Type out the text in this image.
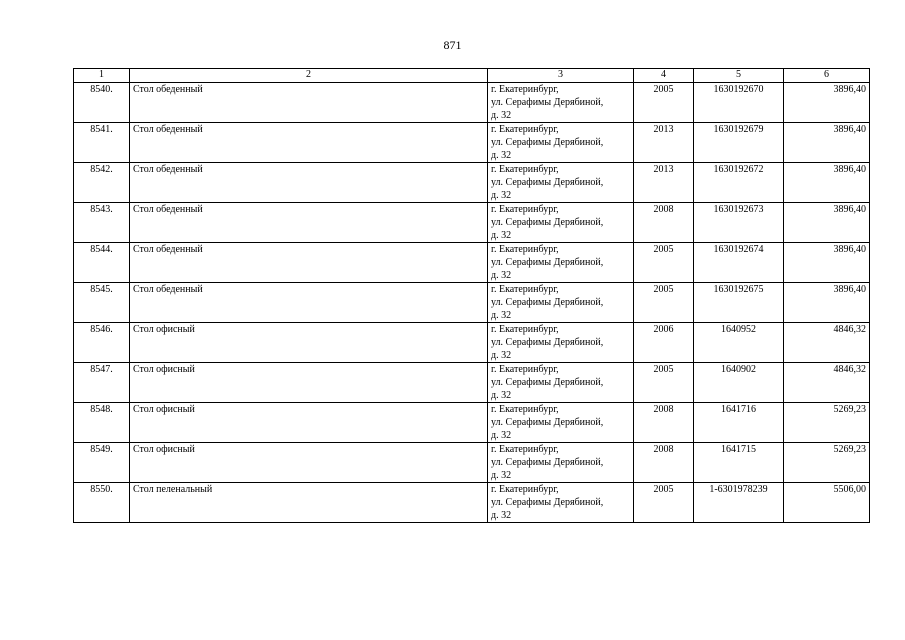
871
1	2	3	4	5	6
8540.	Стол обеденный	г. Екатеринбург,
ул. Серафимы Дерябиной,
д. 32	2005	1630192670	3896,40
8541.	Стол обеденный	г. Екатеринбург,
ул. Серафимы Дерябиной,
д. 32	2013	1630192679	3896,40
8542.	Стол обеденный	г. Екатеринбург,
ул. Серафимы Дерябиной,
д. 32	2013	1630192672	3896,40
8543.	Стол обеденный	г. Екатеринбург,
ул. Серафимы Дерябиной,
д. 32	2008	1630192673	3896,40
8544.	Стол обеденный	г. Екатеринбург,
ул. Серафимы Дерябиной,
д. 32	2005	1630192674	3896,40
8545.	Стол обеденный	г. Екатеринбург,
ул. Серафимы Дерябиной,
д. 32	2005	1630192675	3896,40
8546.	Стол офисный	г. Екатеринбург,
ул. Серафимы Дерябиной,
д. 32	2006	1640952	4846,32
8547.	Стол офисный	г. Екатеринбург,
ул. Серафимы Дерябиной,
д. 32	2005	1640902	4846,32
8548.	Стол офисный	г. Екатеринбург,
ул. Серафимы Дерябиной,
д. 32	2008	1641716	5269,23
8549.	Стол офисный	г. Екатеринбург,
ул. Серафимы Дерябиной,
д. 32	2008	1641715	5269,23
8550.	Стол пеленальный	г. Екатеринбург,
ул. Серафимы Дерябиной,
д. 32	2005	1-6301978239	5506,00
